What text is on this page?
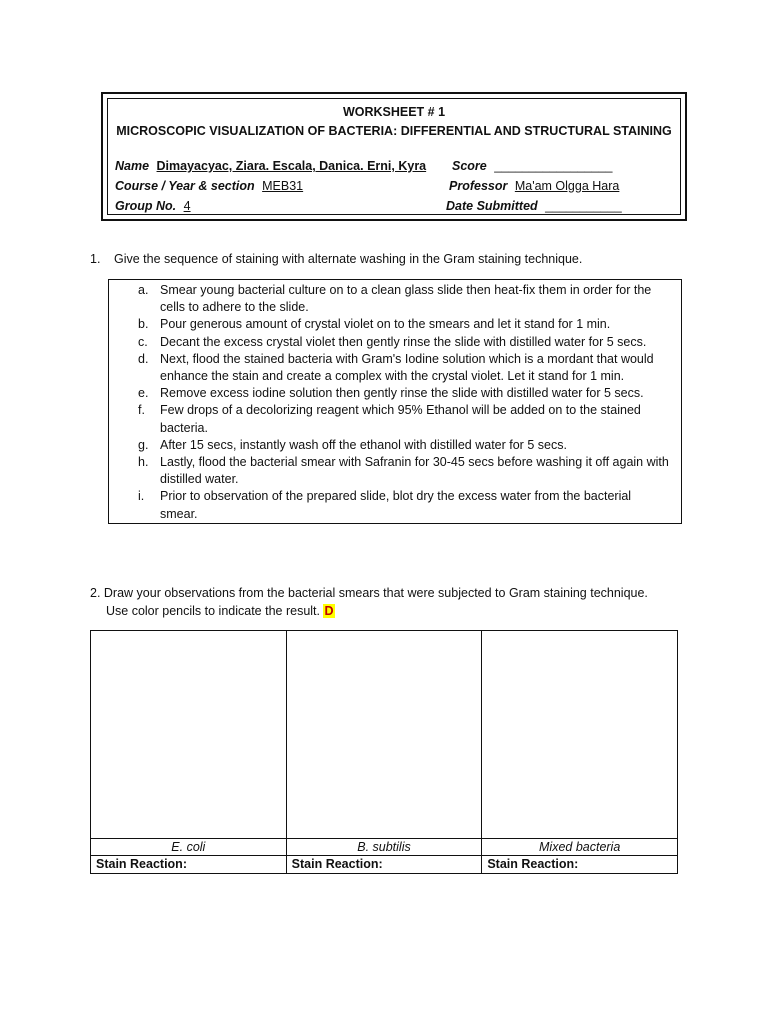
WORKSHEET # 1
MICROSCOPIC VISUALIZATION OF BACTERIA: DIFFERENTIAL AND STRUCTURAL STAINING
Name Dimayacyac, Ziara. Escala, Danica. Erni, Kyra Score _________________
Course / Year & section MEB31	Professor Ma'am Olgga Hara
Group No. 4	Date Submitted ___________
1. Give the sequence of staining with alternate washing in the Gram staining technique.
a. Smear young bacterial culture on to a clean glass slide then heat-fix them in order for the cells to adhere to the slide.
b. Pour generous amount of crystal violet on to the smears and let it stand for 1 min.
c. Decant the excess crystal violet then gently rinse the slide with distilled water for 5 secs.
d. Next, flood the stained bacteria with Gram's Iodine solution which is a mordant that would enhance the stain and create a complex with the crystal violet. Let it stand for 1 min.
e. Remove excess iodine solution then gently rinse the slide with distilled water for 5 secs.
f. Few drops of a decolorizing reagent which 95% Ethanol will be added on to the stained bacteria.
g. After 15 secs, instantly wash off the ethanol with distilled water for 5 secs.
h. Lastly, flood the bacterial smear with Safranin for 30-45 secs before washing it off again with distilled water.
i. Prior to observation of the prepared slide, blot dry the excess water from the bacterial smear.
2. Draw your observations from the bacterial smears that were subjected to Gram staining technique.
Use color pencils to indicate the result. D

E. coli	B. subtilis	Mixed bacteria
Stain Reaction:	Stain Reaction:	Stain Reaction:
